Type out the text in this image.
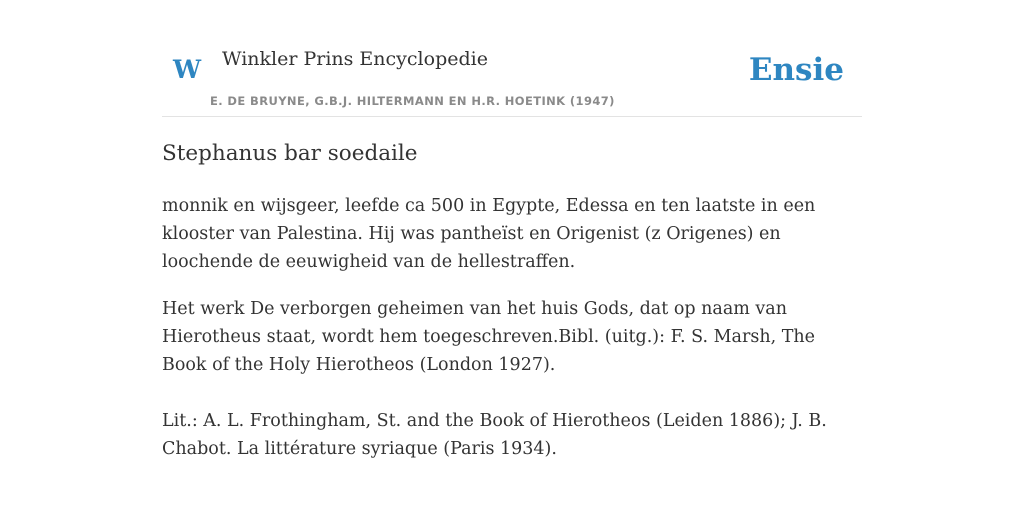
W Winkler Prins Encyclopedie
E. DE BRUYNE, G.B.J. HILTERMANN EN H.R. HOETINK (1947)
Ensie
Stephanus bar soedaile

monnik en wijsgeer, leefde ca 500 in Egypte, Edessa en ten laatste in een klooster van Palestina. Hij was pantheïst en Origenist (z Origenes) en loochende de eeuwigheid van de hellestraffen.

Het werk De verborgen geheimen van het huis Gods, dat op naam van Hierotheus staat, wordt hem toegeschreven.Bibl. (uitg.): F. S. Marsh, The Book of the Holy Hierotheos (London 1927).

Lit.: A. L. Frothingham, St. and the Book of Hierotheos (Leiden 1886); J. B. Chabot. La littérature syriaque (Paris 1934).
